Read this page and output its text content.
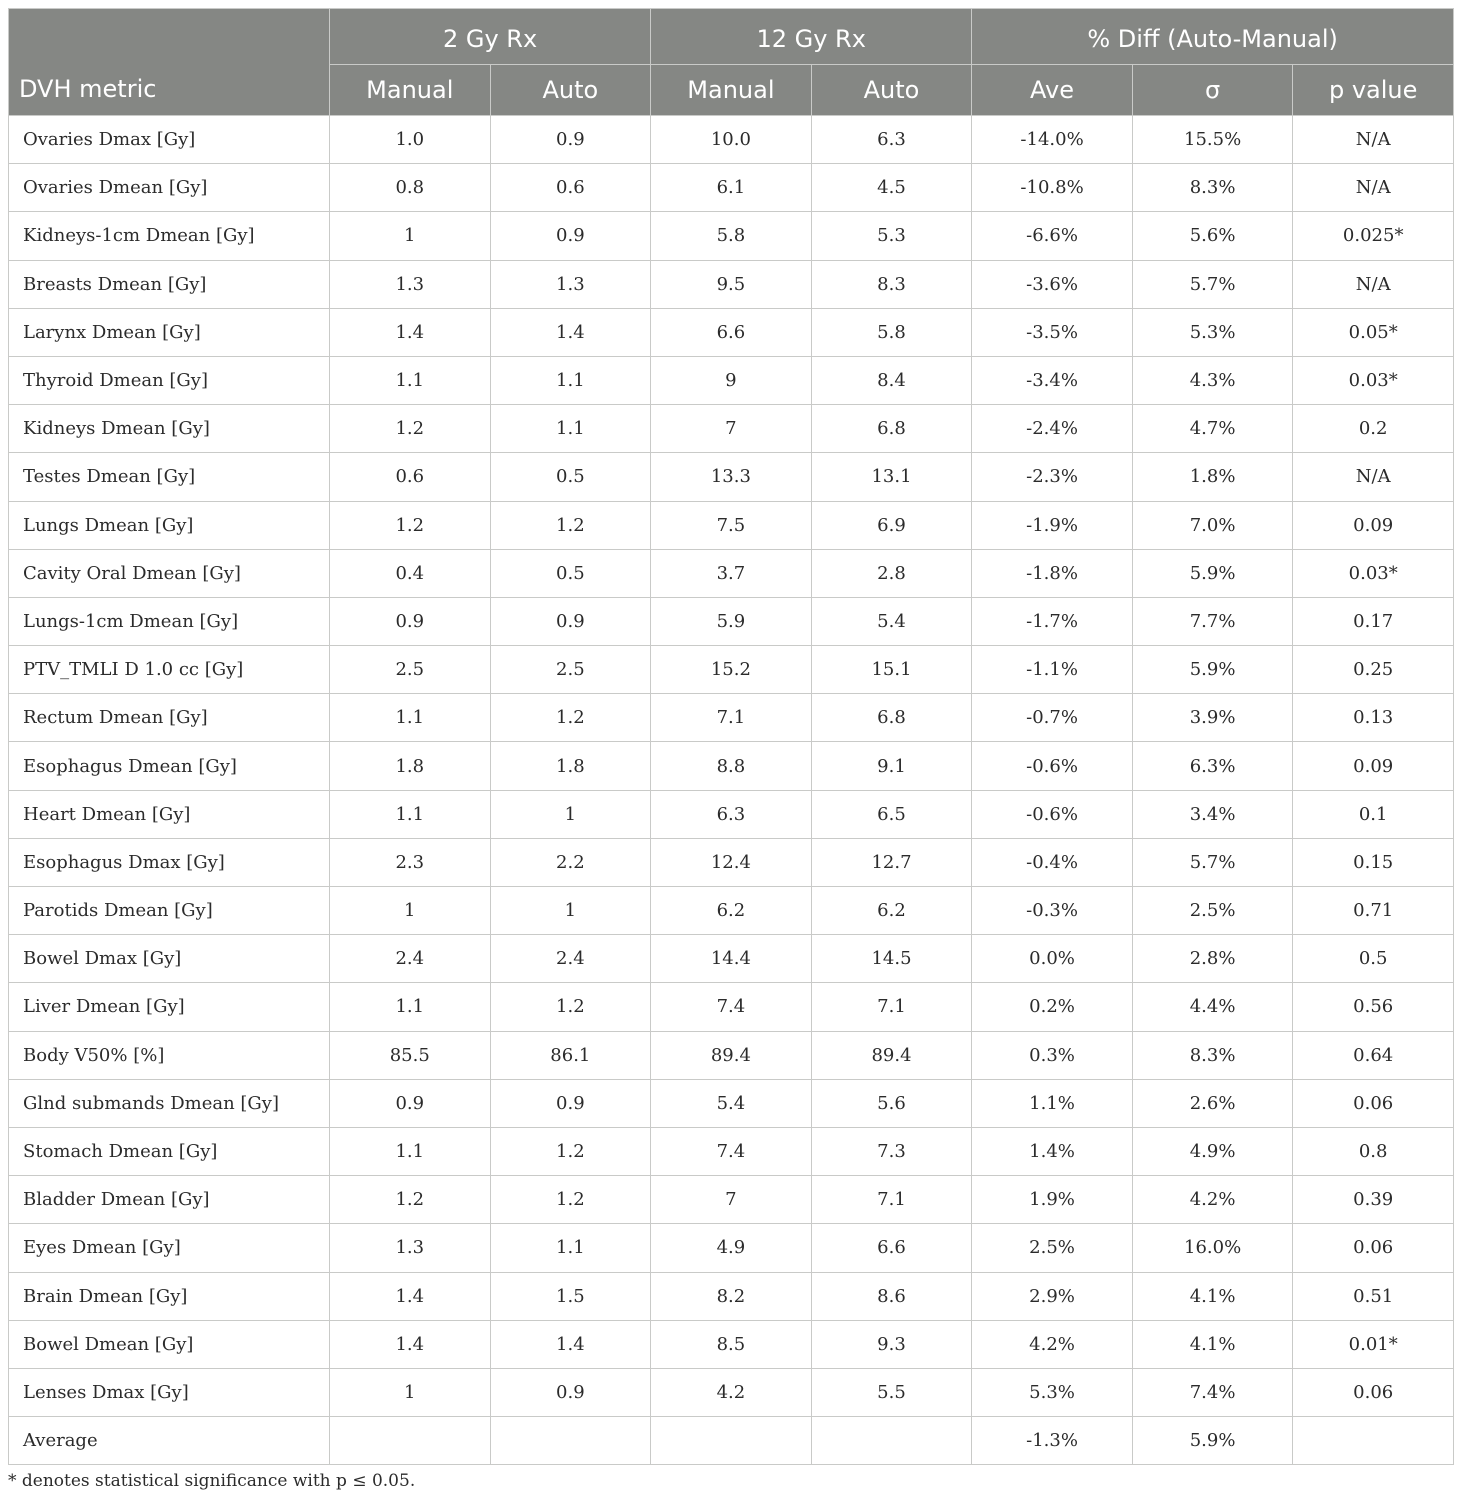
DVH metric	2 Gy Rx		12 Gy Rx		% Diff (Auto-Manual)		
	Manual	Auto	Manual	Auto	Ave	σ	p value
Ovaries Dmax [Gy]	1.0	0.9	10.0	6.3	-14.0%	15.5%	N/A
Ovaries Dmean [Gy]	0.8	0.6	6.1	4.5	-10.8%	8.3%	N/A
Kidneys-1cm Dmean [Gy]	1	0.9	5.8	5.3	-6.6%	5.6%	0.025*
Breasts Dmean [Gy]	1.3	1.3	9.5	8.3	-3.6%	5.7%	N/A
Larynx Dmean [Gy]	1.4	1.4	6.6	5.8	-3.5%	5.3%	0.05*
Thyroid Dmean [Gy]	1.1	1.1	9	8.4	-3.4%	4.3%	0.03*
Kidneys Dmean [Gy]	1.2	1.1	7	6.8	-2.4%	4.7%	0.2
Testes Dmean [Gy]	0.6	0.5	13.3	13.1	-2.3%	1.8%	N/A
Lungs Dmean [Gy]	1.2	1.2	7.5	6.9	-1.9%	7.0%	0.09
Cavity Oral Dmean [Gy]	0.4	0.5	3.7	2.8	-1.8%	5.9%	0.03*
Lungs-1cm Dmean [Gy]	0.9	0.9	5.9	5.4	-1.7%	7.7%	0.17
PTV_TMLI D 1.0 cc [Gy]	2.5	2.5	15.2	15.1	-1.1%	5.9%	0.25
Rectum Dmean [Gy]	1.1	1.2	7.1	6.8	-0.7%	3.9%	0.13
Esophagus Dmean [Gy]	1.8	1.8	8.8	9.1	-0.6%	6.3%	0.09
Heart Dmean [Gy]	1.1	1	6.3	6.5	-0.6%	3.4%	0.1
Esophagus Dmax [Gy]	2.3	2.2	12.4	12.7	-0.4%	5.7%	0.15
Parotids Dmean [Gy]	1	1	6.2	6.2	-0.3%	2.5%	0.71
Bowel Dmax [Gy]	2.4	2.4	14.4	14.5	0.0%	2.8%	0.5
Liver Dmean [Gy]	1.1	1.2	7.4	7.1	0.2%	4.4%	0.56
Body V50% [%]	85.5	86.1	89.4	89.4	0.3%	8.3%	0.64
Glnd submands Dmean [Gy]	0.9	0.9	5.4	5.6	1.1%	2.6%	0.06
Stomach Dmean [Gy]	1.1	1.2	7.4	7.3	1.4%	4.9%	0.8
Bladder Dmean [Gy]	1.2	1.2	7	7.1	1.9%	4.2%	0.39
Eyes Dmean [Gy]	1.3	1.1	4.9	6.6	2.5%	16.0%	0.06
Brain Dmean [Gy]	1.4	1.5	8.2	8.6	2.9%	4.1%	0.51
Bowel Dmean [Gy]	1.4	1.4	8.5	9.3	4.2%	4.1%	0.01*
Lenses Dmax [Gy]	1	0.9	4.2	5.5	5.3%	7.4%	0.06
Average					-1.3%	5.9%	

* denotes statistical significance with p ≤ 0.05.
